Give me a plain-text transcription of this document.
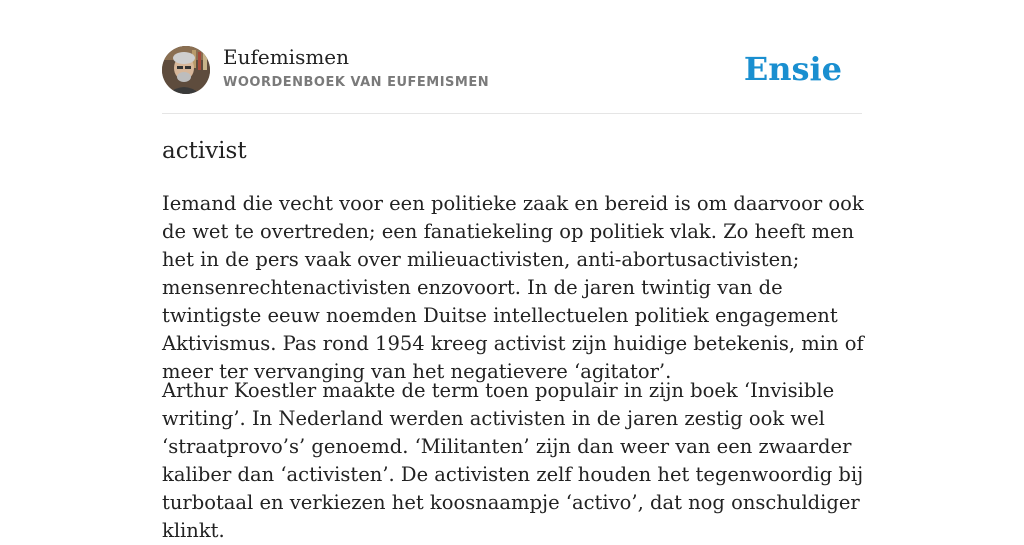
Eufemismen
WOORDENBOEK VAN EUFEMISMEN	Ensie
activist

Iemand die vecht voor een politieke zaak en bereid is om daarvoor ook de wet te overtreden; een fanatiekeling op politiek vlak. Zo heeft men het in de pers vaak over milieuactivisten, anti-abortusactivisten; mensenrechtenactivisten enzovoort. In de jaren twintig van de twintigste eeuw noemden Duitse intellectuelen politiek engagement Aktivismus. Pas rond 1954 kreeg activist zijn huidige betekenis, min of meer ter vervanging van het negatievere ‘agitator’.

Arthur Koestler maakte de term toen populair in zijn boek ‘Invisible writing’. In Nederland werden activisten in de jaren zestig ook wel ‘straatprovo’s’ genoemd. ‘Militanten’ zijn dan weer van een zwaarder kaliber dan ‘activisten’. De activisten zelf houden het tegenwoordig bij turbotaal en verkiezen het koosnaampje ‘activo’, dat nog onschuldiger klinkt.
